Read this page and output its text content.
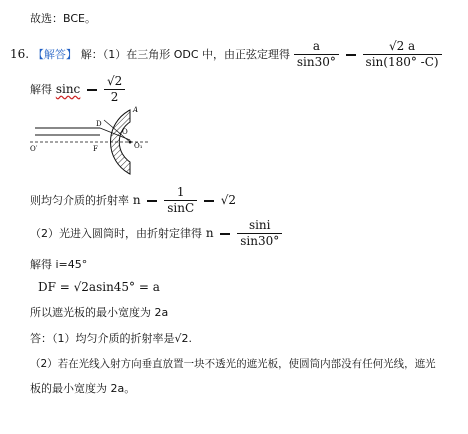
故选：BCE。
16. 【解答】 解：（1）在三角形 ODC 中，由正弦定理得 $\frac{a}{\sin 30^\circ}$
$\frac{√2 a}{\sin(180^\circ -C)}$
解得 sinc $\frac{√2}{2}$
A
D
O
F
O′	O₁
则均匀介质的折射率 n $\frac{1}{\sin C} √2$
（2）光进入圆筒时，由折射定律得 n $\frac{\sin i}{\sin 30^\circ}$
解得 i=45°
DF = √2asin45° = a
所以遮光板的最小宽度为 2a
答：（1）均匀介质的折射率是√2.
（2）若在光线入射方向垂直放置一块不透光的遮光板，使圆筒内部没有任何光线，遮光
板的最小宽度为 2a。
